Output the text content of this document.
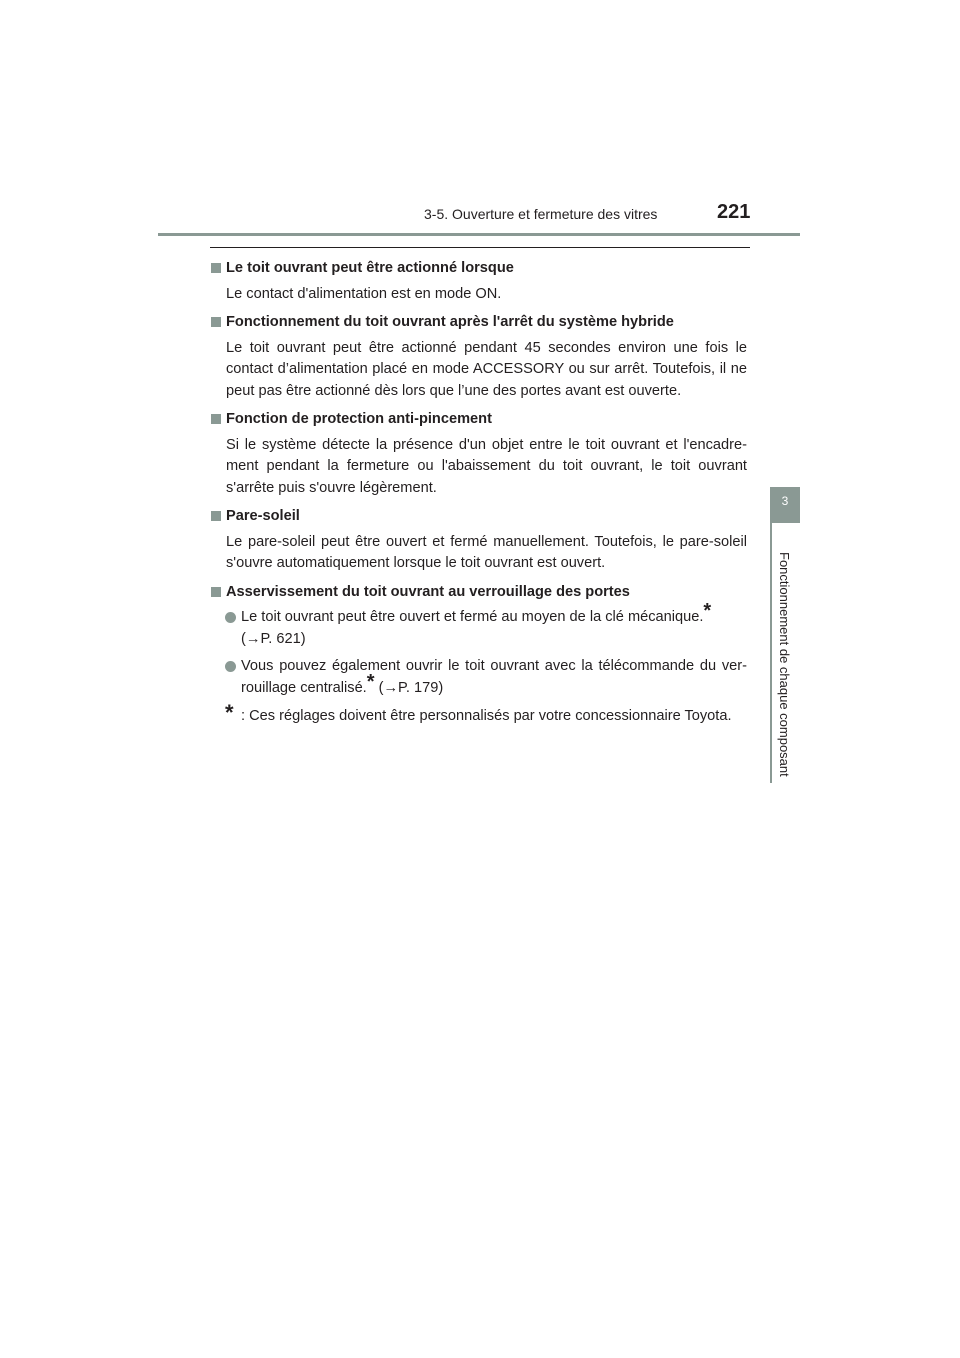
3-5. Ouverture et fermeture des vitres	221
3
Fonctionnement de chaque composant
Le toit ouvrant peut être actionné lorsque
Le contact d'alimentation est en mode ON.
Fonctionnement du toit ouvrant après l'arrêt du système hybride
Le toit ouvrant peut être actionné pendant 45 secondes environ une fois le contact d’alimentation placé en mode ACCESSORY ou sur arrêt. Toutefois, il ne peut pas être actionné dès lors que l’une des portes avant est ouverte.
Fonction de protection anti-pincement
Si le système détecte la présence d'un objet entre le toit ouvrant et l'encadre-ment pendant la fermeture ou l'abaissement du toit ouvrant, le toit ouvrant s'arrête puis s'ouvre légèrement.
Pare-soleil
Le pare-soleil peut être ouvert et fermé manuellement. Toutefois, le pare-soleil s'ouvre automatiquement lorsque le toit ouvrant est ouvert.
Asservissement du toit ouvrant au verrouillage des portes
Le toit ouvrant peut être ouvert et fermé au moyen de la clé mécanique.*
(→P. 621)
Vous pouvez également ouvrir le toit ouvrant avec la télécommande du ver-rouillage centralisé.* (→P. 179)
* : Ces réglages doivent être personnalisés par votre concessionnaire Toyota.
